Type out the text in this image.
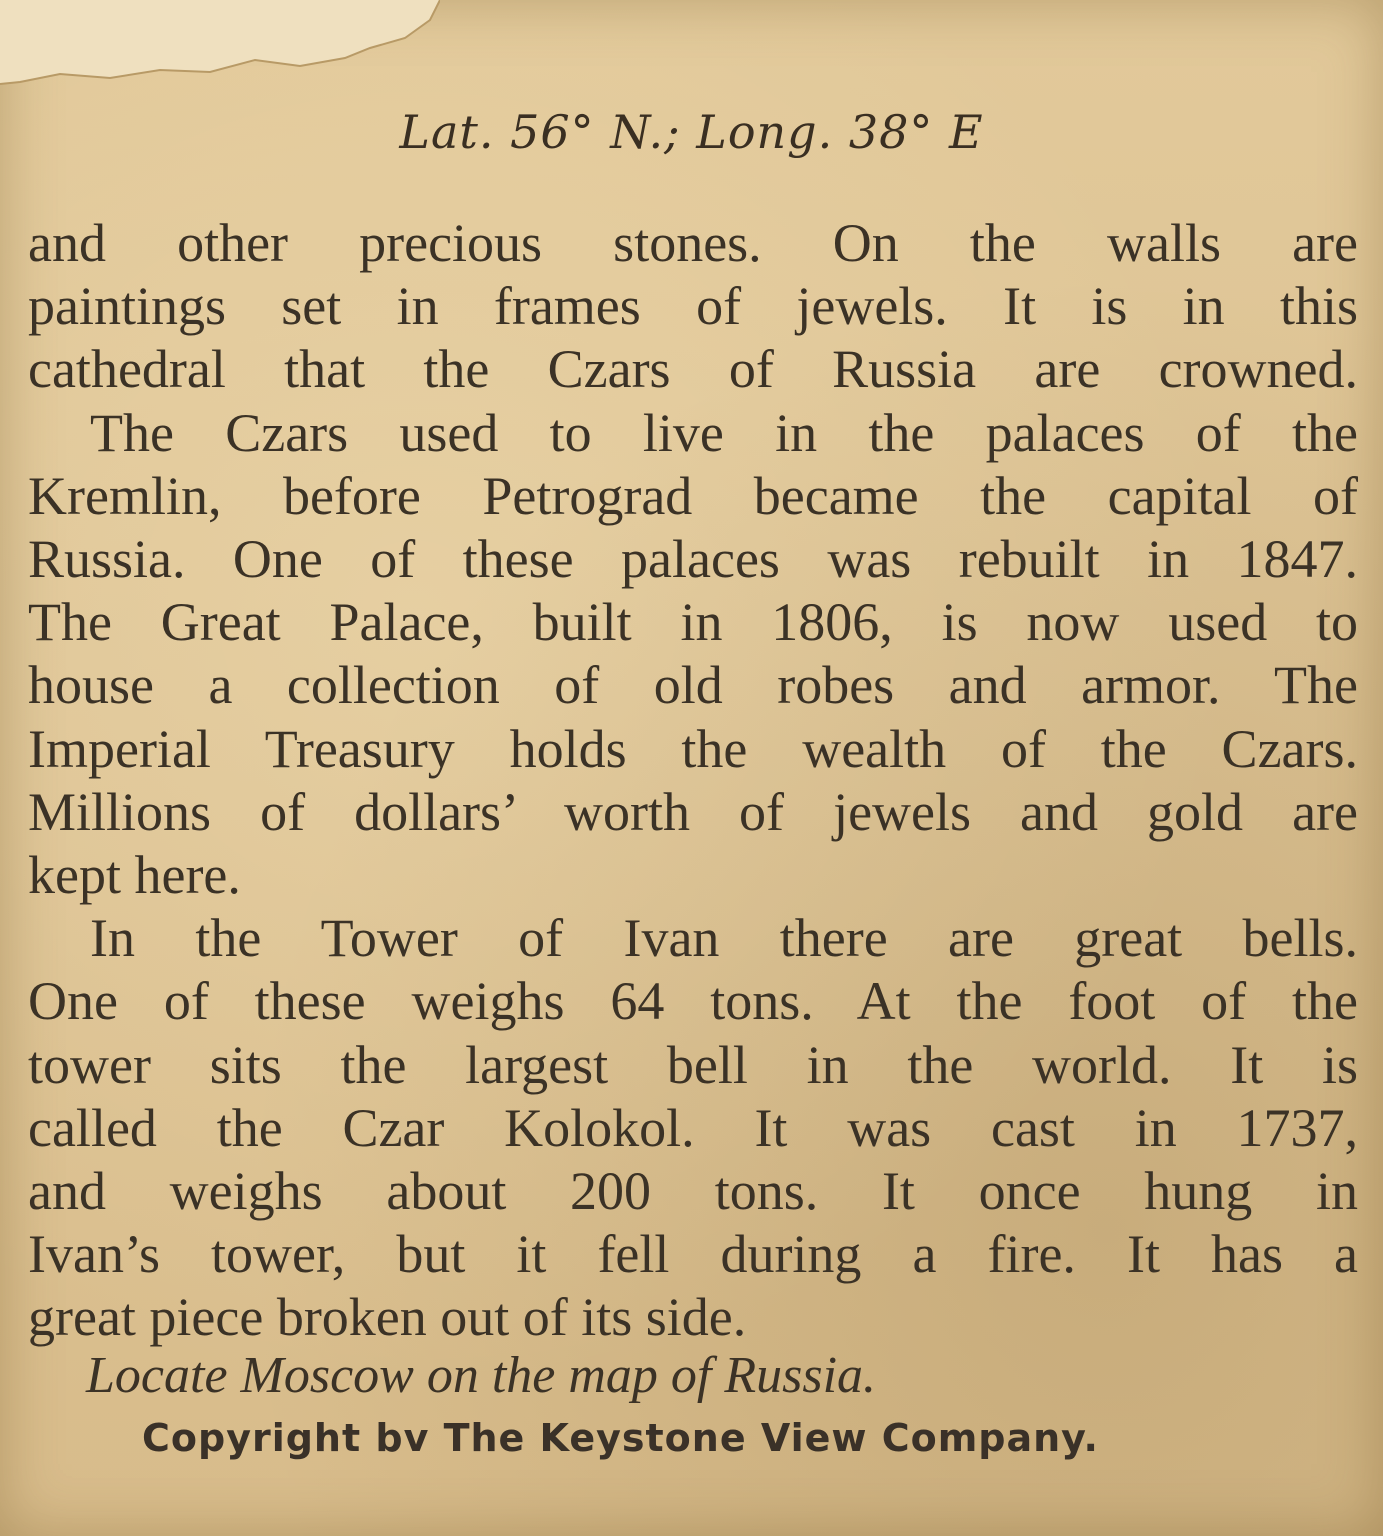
Lat. 56° N.; Long. 38° E
and other precious stones. On the walls are
paintings set in frames of jewels. It is in this
cathedral that the Czars of Russia are crowned.
The Czars used to live in the palaces of the
Kremlin, before Petrograd became the capital of
Russia. One of these palaces was rebuilt in 1847.
The Great Palace, built in 1806, is now used to
house a collection of old robes and armor. The
Imperial Treasury holds the wealth of the Czars.
Millions of dollars’ worth of jewels and gold are
kept here.
In the Tower of Ivan there are great bells.
One of these weighs 64 tons. At the foot of the
tower sits the largest bell in the world. It is
called the Czar Kolokol. It was cast in 1737,
and weighs about 200 tons. It once hung in
Ivan’s tower, but it fell during a fire. It has a
great piece broken out of its side.
Locate Moscow on the map of Russia.
Copyright bv The Keystone View Company.
